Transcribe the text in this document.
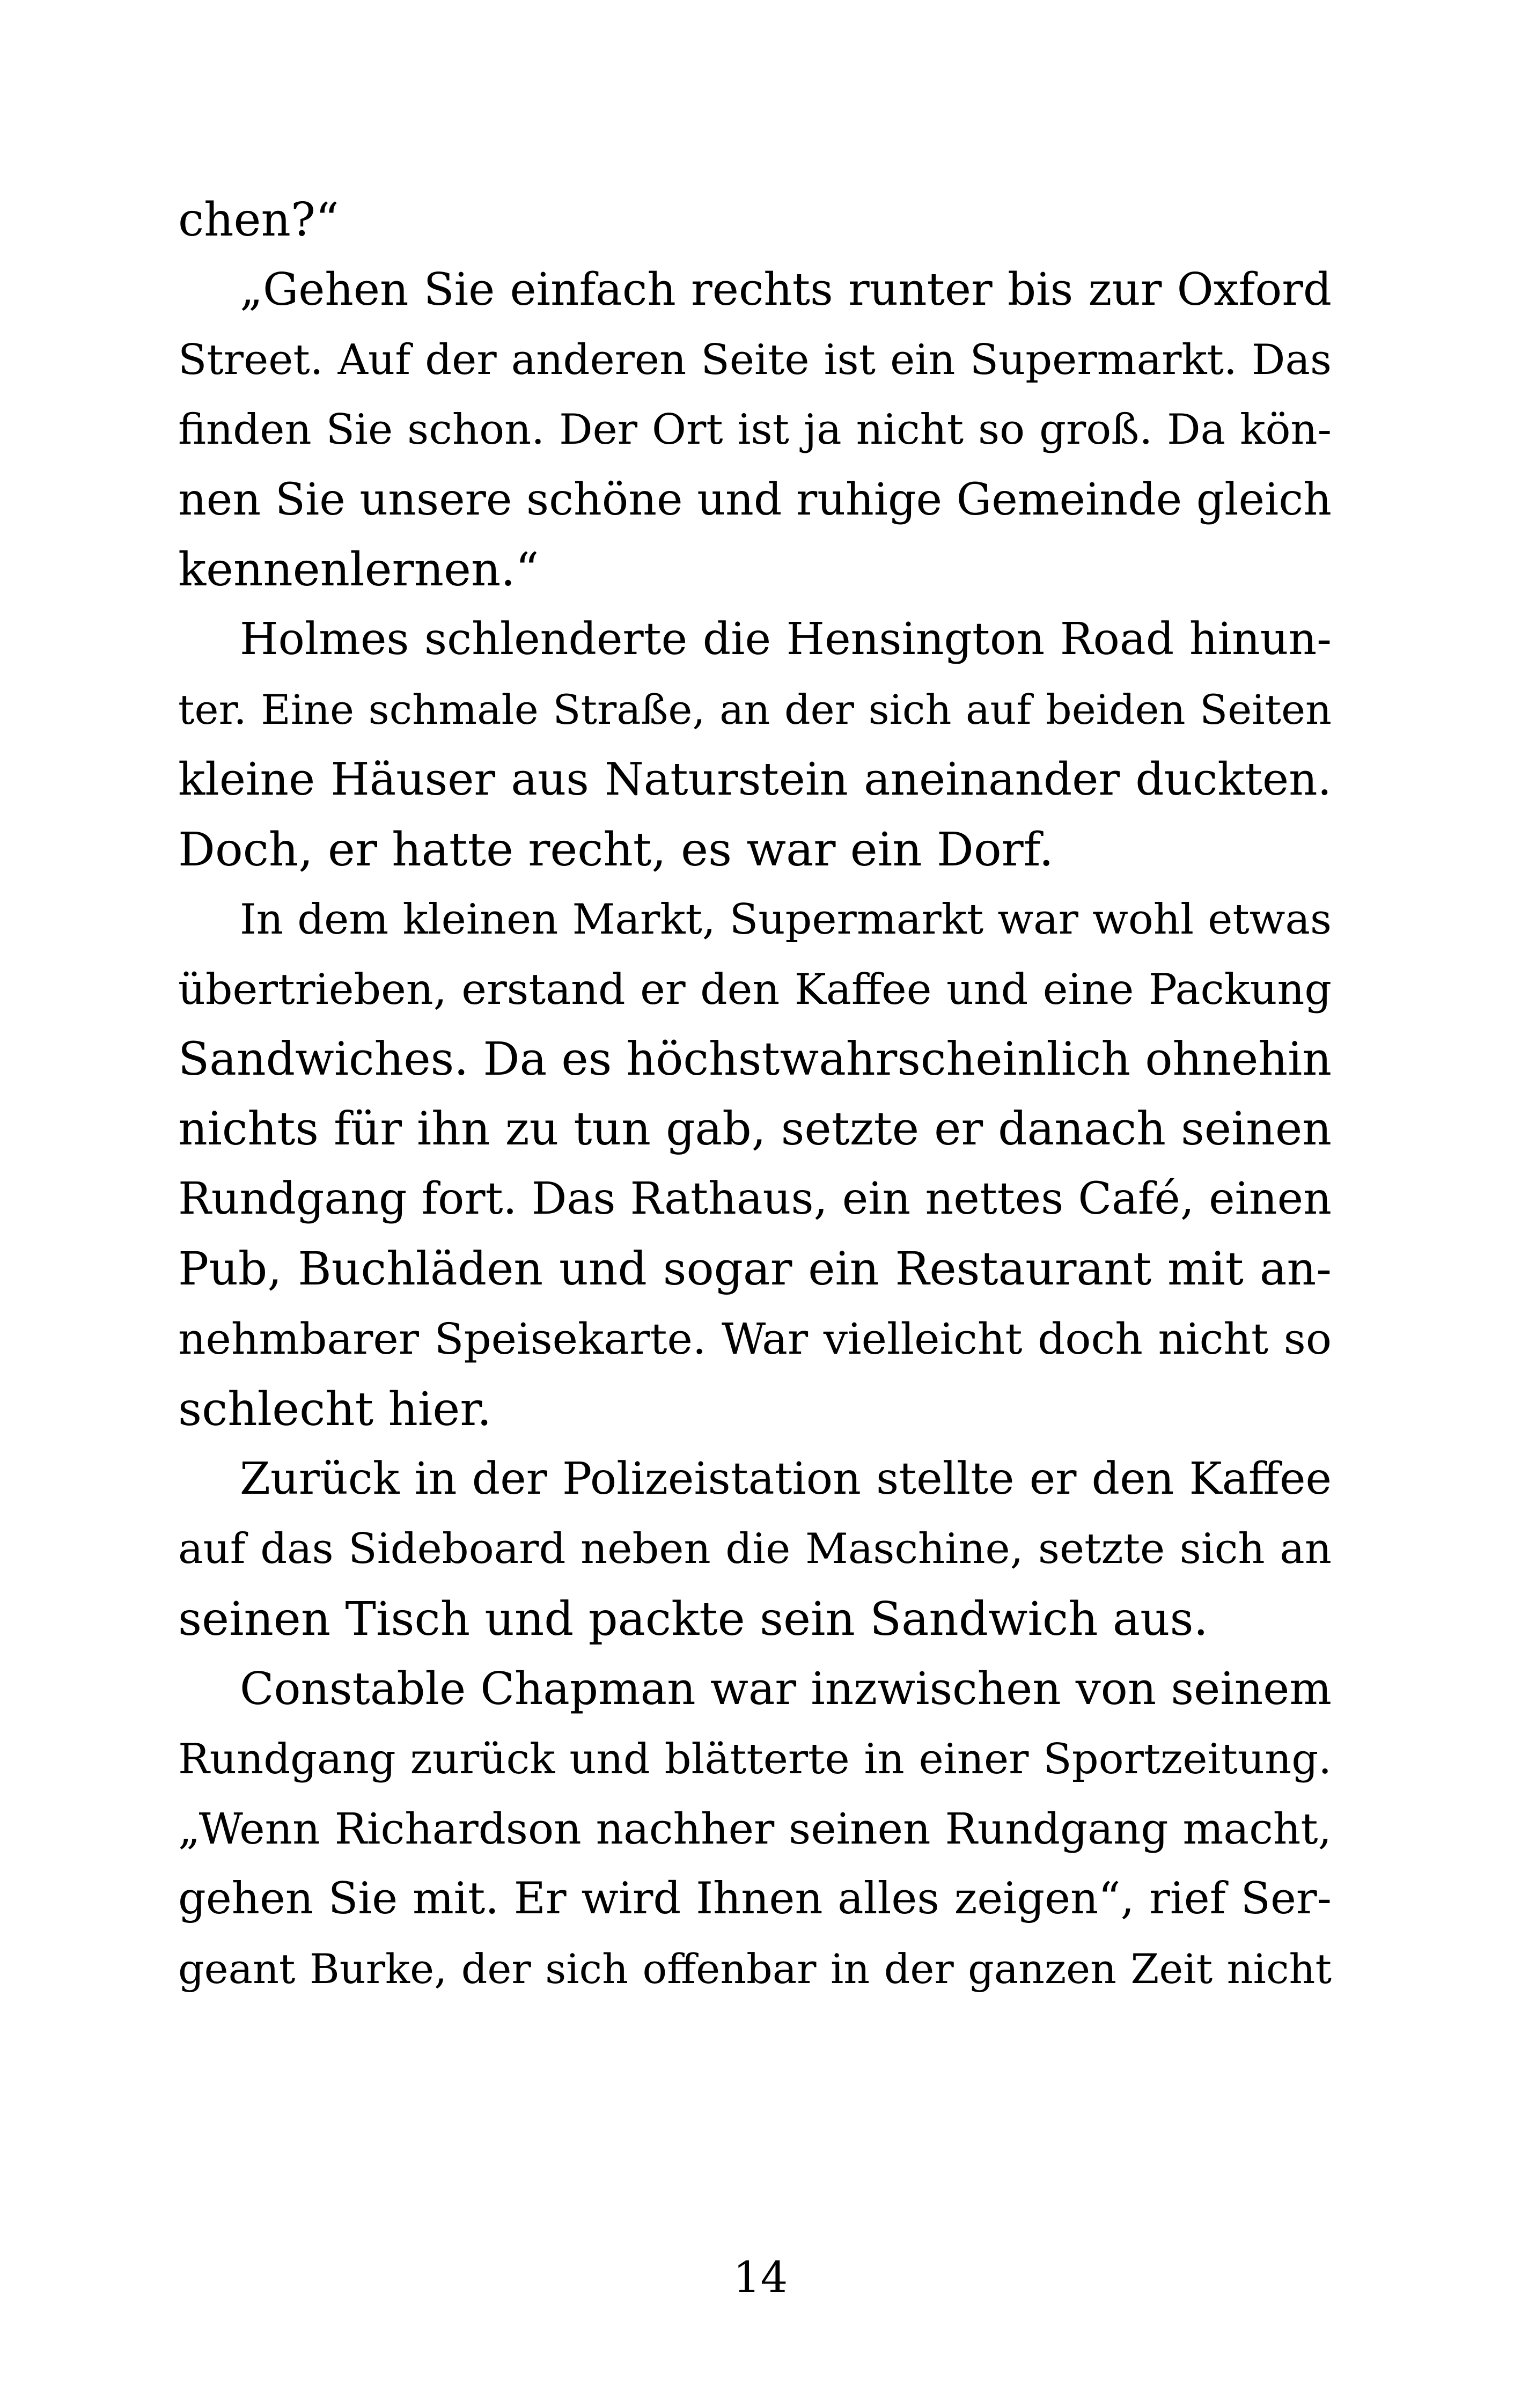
chen?“
„Gehen Sie einfach rechts runter bis zur Oxford
Street. Auf der anderen Seite ist ein Supermarkt. Das
finden Sie schon. Der Ort ist ja nicht so groß. Da kön-
nen Sie unsere schöne und ruhige Gemeinde gleich
kennenlernen.“
Holmes schlenderte die Hensington Road hinun-
ter. Eine schmale Straße, an der sich auf beiden Seiten
kleine Häuser aus Naturstein aneinander duckten.
Doch, er hatte recht, es war ein Dorf.
In dem kleinen Markt, Supermarkt war wohl etwas
übertrieben, erstand er den Kaffee und eine Packung
Sandwiches. Da es höchstwahrscheinlich ohnehin
nichts für ihn zu tun gab, setzte er danach seinen
Rundgang fort. Das Rathaus, ein nettes Café, einen
Pub, Buchläden und sogar ein Restaurant mit an-
nehmbarer Speisekarte. War vielleicht doch nicht so
schlecht hier.
Zurück in der Polizeistation stellte er den Kaffee
auf das Sideboard neben die Maschine, setzte sich an
seinen Tisch und packte sein Sandwich aus.
Constable Chapman war inzwischen von seinem
Rundgang zurück und blätterte in einer Sportzeitung.
„Wenn Richardson nachher seinen Rundgang macht,
gehen Sie mit. Er wird Ihnen alles zeigen“, rief Ser-
geant Burke, der sich offenbar in der ganzen Zeit nicht
14
